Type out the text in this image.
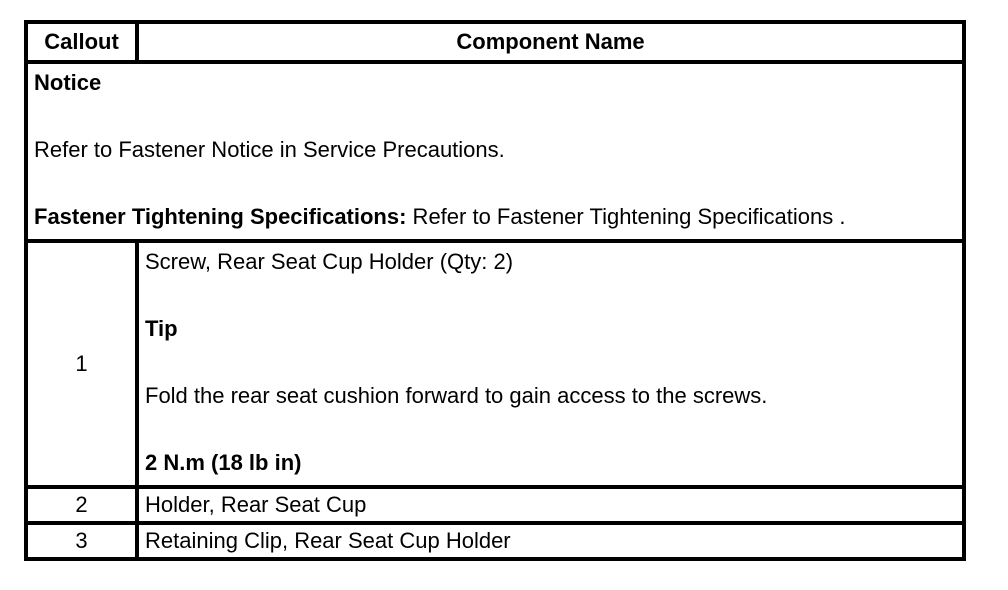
Callout	Component Name

Notice
Refer to Fastener Notice in Service Precautions.
Fastener Tightening Specifications: Refer to Fastener Tightening Specifications .	

1	Screw, Rear Seat Cup Holder (Qty: 2)
Tip
Fold the rear seat cushion forward to gain access to the screws.
2 N.m (18 lb in)

2	Holder, Rear Seat Cup
3	Retaining Clip, Rear Seat Cup Holder
